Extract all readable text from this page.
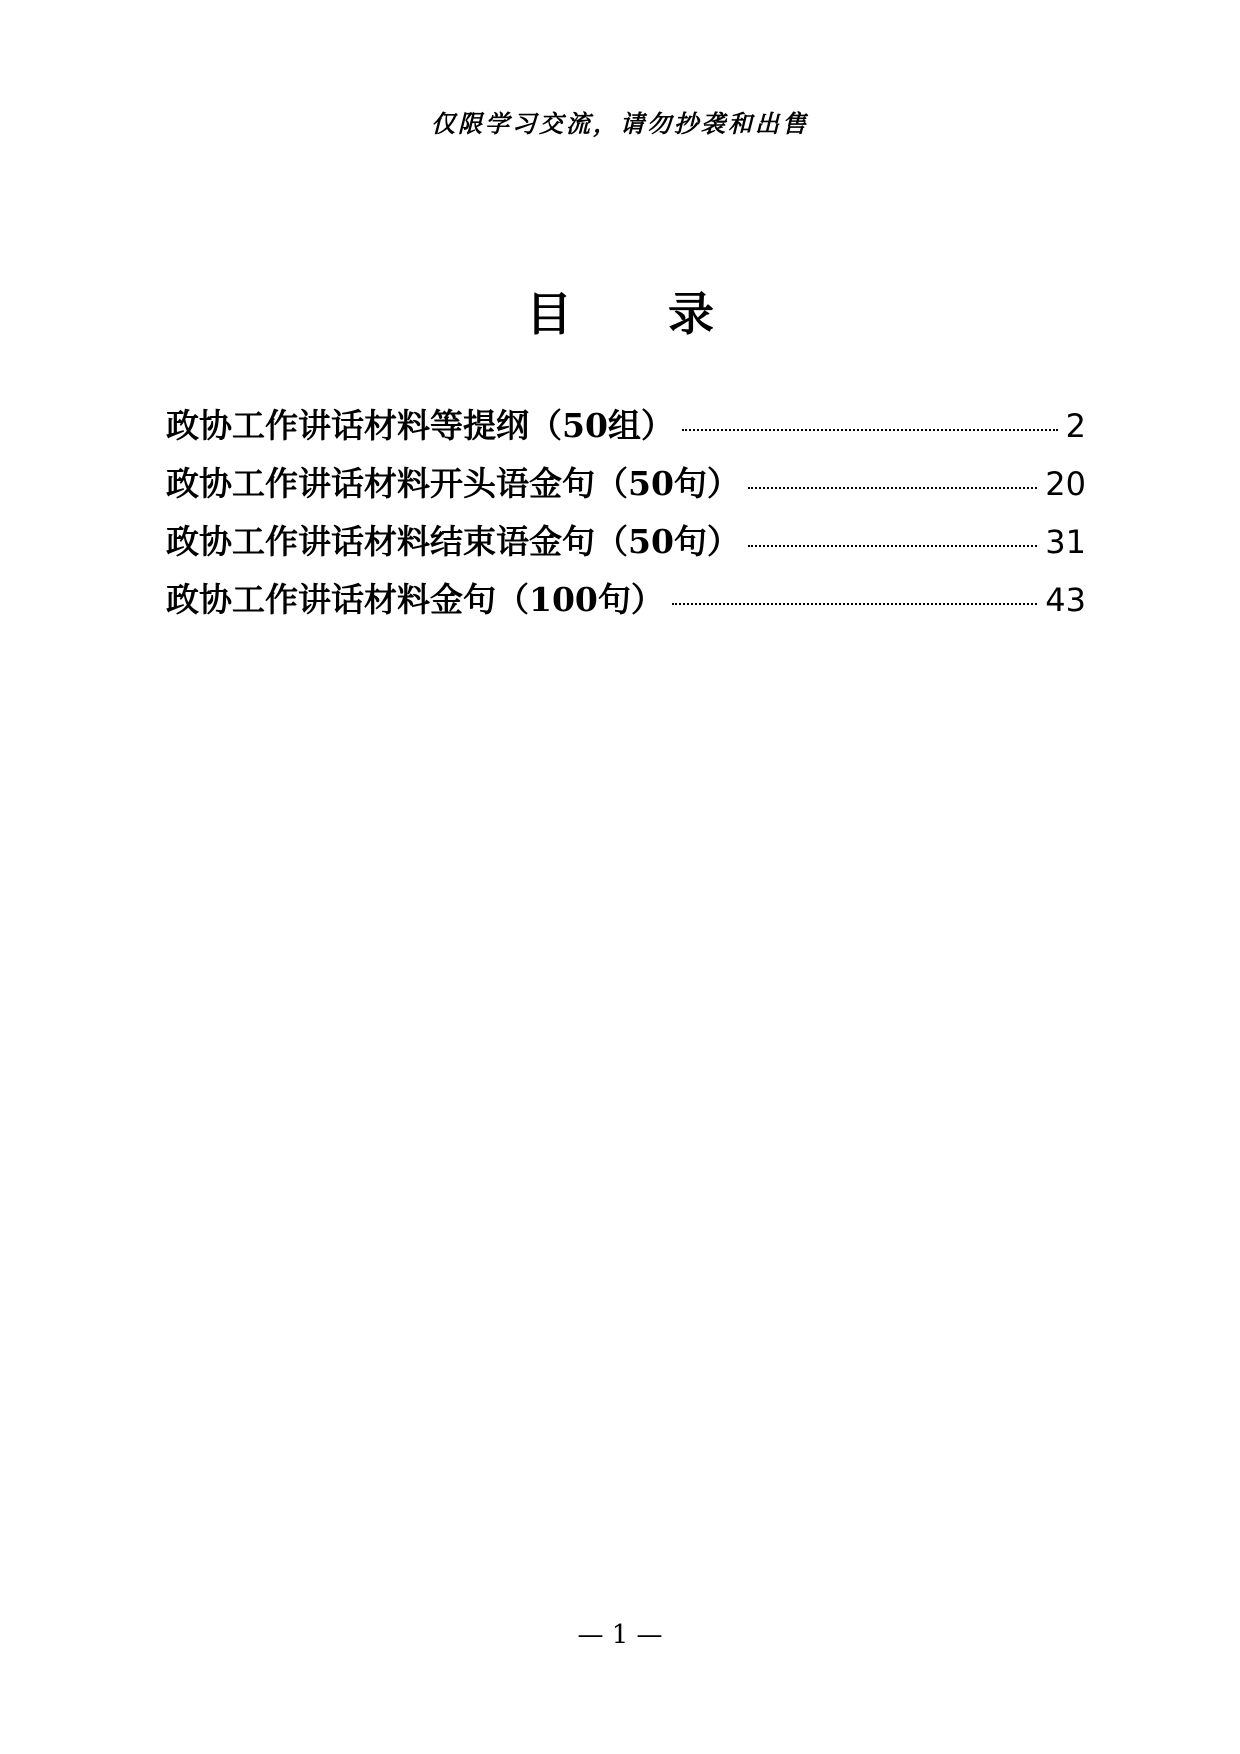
仅限学习交流，请勿抄袭和出售
目 录
政协工作讲话材料等提纲（50组）	2
政协工作讲话材料开头语金句（50句）	20
政协工作讲话材料结束语金句（50句）	31
政协工作讲话材料金句（100句）	43
— 1 —
